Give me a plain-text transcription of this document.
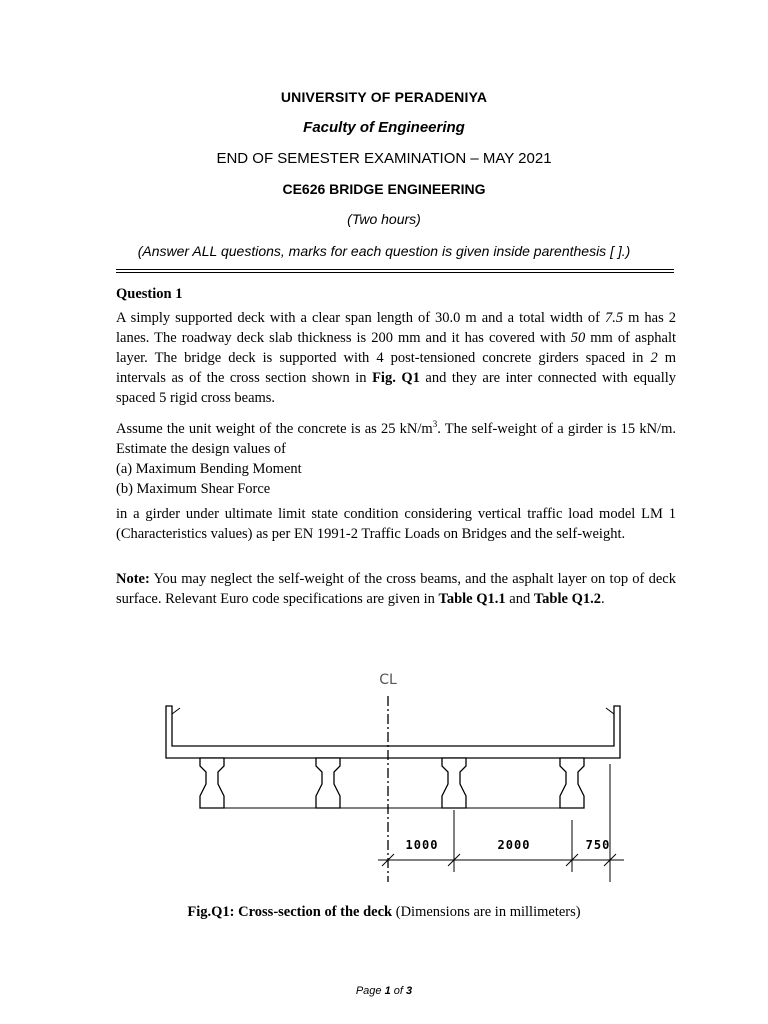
UNIVERSITY OF PERADENIYA
Faculty of Engineering
END OF SEMESTER EXAMINATION – MAY 2021
CE626 BRIDGE ENGINEERING
(Two hours)
(Answer ALL questions, marks for each question is given inside parenthesis [ ].)
Question 1

A simply supported deck with a clear span length of 30.0 m and a total width of 7.5 m has 2 lanes. The roadway deck slab thickness is 200 mm and it has covered with 50 mm of asphalt layer. The bridge deck is supported with 4 post-tensioned concrete girders spaced in 2 m intervals as of the cross section shown in Fig. Q1 and they are inter connected with equally spaced 5 rigid cross beams.

Assume the unit weight of the concrete is as 25 $kN/m^3$. The self-weight of a girder is 15 kN/m. Estimate the design values of

(a) Maximum Bending Moment

(b) Maximum Shear Force

in a girder under ultimate limit state condition considering vertical traffic load model LM 1 (Characteristics values) as per EN 1991-2 Traffic Loads on Bridges and the self-weight.

Note: You may neglect the self-weight of the cross beams, and the asphalt layer on top of deck surface. Relevant Euro code specifications are given in Table Q1.1 and Table Q1.2.

CL
1000	2000	750
Fig.Q1: Cross-section of the deck (Dimensions are in millimeters)
Page 1 of 3
